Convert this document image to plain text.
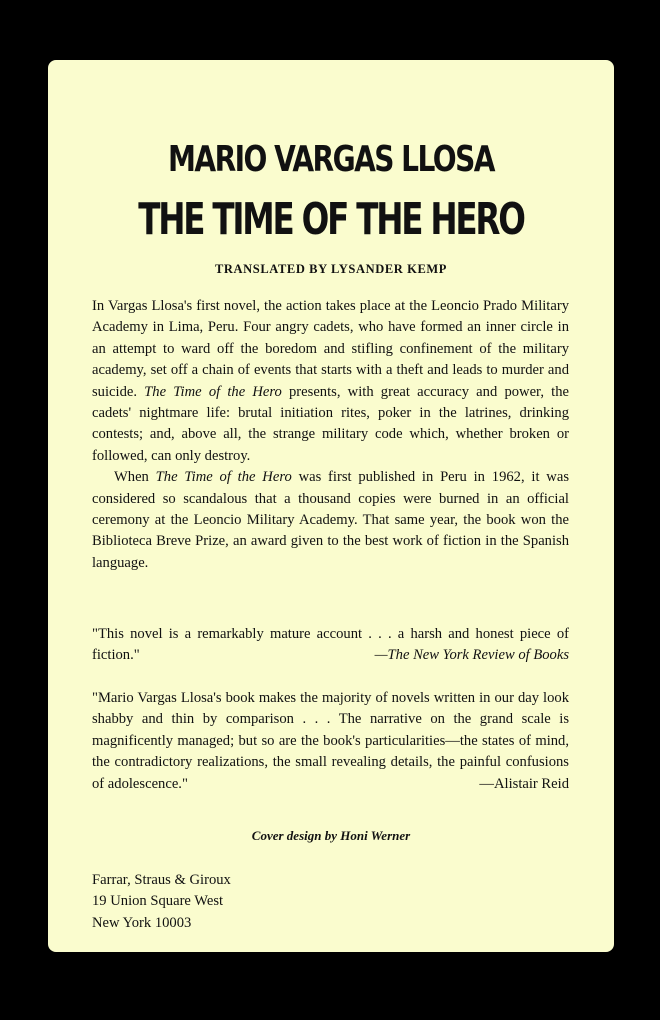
MARIO VARGAS LLOSA
THE TIME OF THE HERO
TRANSLATED BY LYSANDER KEMP

In Vargas Llosa's first novel, the action takes place at the Leoncio Prado Military Academy in Lima, Peru. Four angry cadets, who have formed an inner circle in an attempt to ward off the boredom and stifling confinement of the military academy, set off a chain of events that starts with a theft and leads to murder and suicide. The Time of the Hero presents, with great accuracy and power, the cadets' nightmare life: brutal initiation rites, poker in the latrines, drinking contests; and, above all, the strange military code which, whether broken or followed, can only destroy.

When The Time of the Hero was first published in Peru in 1962, it was considered so scandalous that a thousand copies were burned in an official ceremony at the Leoncio Military Academy. That same year, the book won the Biblioteca Breve Prize, an award given to the best work of fiction in the Spanish language.

"This novel is a remarkably mature account . . . a harsh and honest piece of fiction."	—The New York Review of Books
"Mario Vargas Llosa's book makes the majority of novels written in our day look shabby and thin by comparison . . . The narrative on the grand scale is magnificently managed; but so are the book's particularities—the states of mind, the contradictory realizations, the small revealing details, the painful confusions of adolescence."	—Alistair Reid
Cover design by Honi Werner
Farrar, Straus & Giroux
19 Union Square West
New York 10003
